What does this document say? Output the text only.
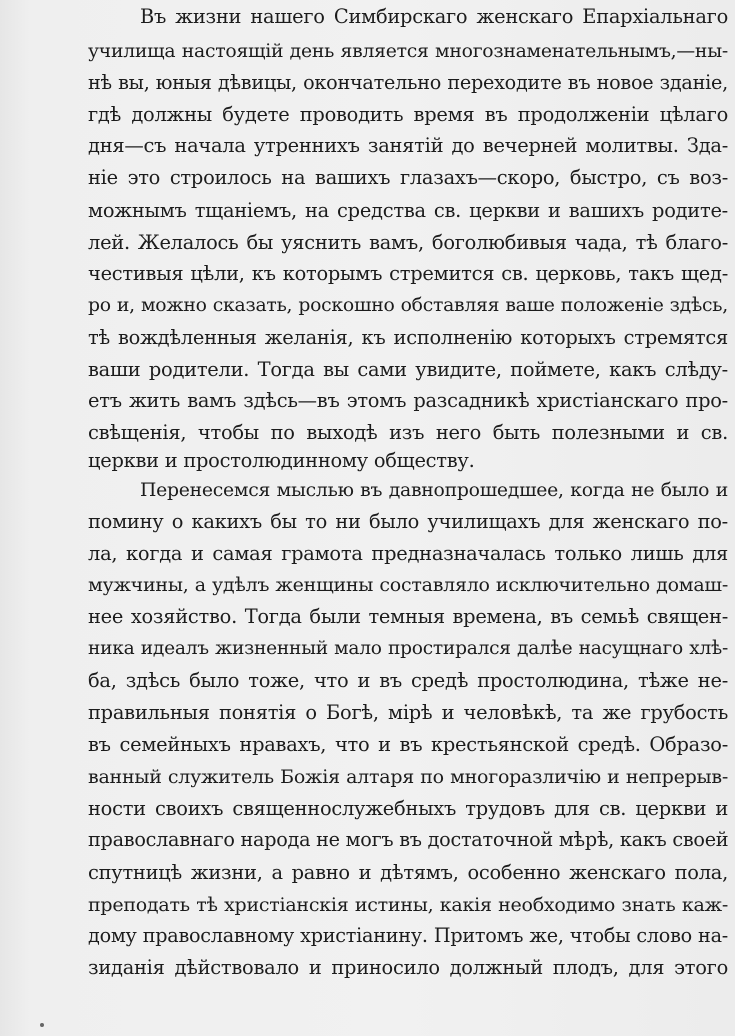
Въ жизни нашего Симбирскаго женскаго Епархіальнаго
училища настоящій день является многознаменательнымъ,—ны-
нѣ вы, юныя дѣвицы, окончательно переходите въ новое зданіе,
гдѣ должны будете проводить время въ продолженіи цѣлаго
дня—съ начала утреннихъ занятій до вечерней молитвы. Зда-
ніе это строилось на вашихъ глазахъ—скоро, быстро, съ воз-
можнымъ тщаніемъ, на средства св. церкви и вашихъ родите-
лей. Желалось бы уяснить вамъ, боголюбивыя чада, тѣ благо-
честивыя цѣли, къ которымъ стремится св. церковь, такъ щед-
ро и, можно сказать, роскошно обставляя ваше положеніе здѣсь,
тѣ вождѣленныя желанія, къ исполненію которыхъ стремятся
ваши родители. Тогда вы сами увидите, поймете, какъ слѣду-
етъ жить вамъ здѣсь—въ этомъ разсадникѣ христіанскаго про-
свѣщенія, чтобы по выходѣ изъ него быть полезными и св.
церкви и простолюдинному обществу.
Перенесемся мыслью въ давнопрошедшее, когда не было и
помину о какихъ бы то ни было училищахъ для женскаго по-
ла, когда и самая грамота предназначалась только лишь для
мужчины, а удѣлъ женщины составляло исключительно домаш-
нее хозяйство. Тогда были темныя времена, въ семьѣ священ-
ника идеалъ жизненный мало простирался далѣе насущнаго хлѣ-
ба, здѣсь было тоже, что и въ средѣ простолюдина, тѣже не-
правильныя понятія о Богѣ, мірѣ и человѣкѣ, та же грубость
въ семейныхъ нравахъ, что и въ крестьянской средѣ. Образо-
ванный служитель Божія алтаря по многоразличію и непрерыв-
ности своихъ священнослужебныхъ трудовъ для св. церкви и
православнаго народа не могъ въ достаточной мѣрѣ, какъ своей
спутницѣ жизни, а равно и дѣтямъ, особенно женскаго пола,
преподать тѣ христіанскія истины, какія необходимо знать каж-
дому православному христіанину. Притомъ же, чтобы слово на-
зиданія дѣйствовало и приносило должный плодъ, для этого
